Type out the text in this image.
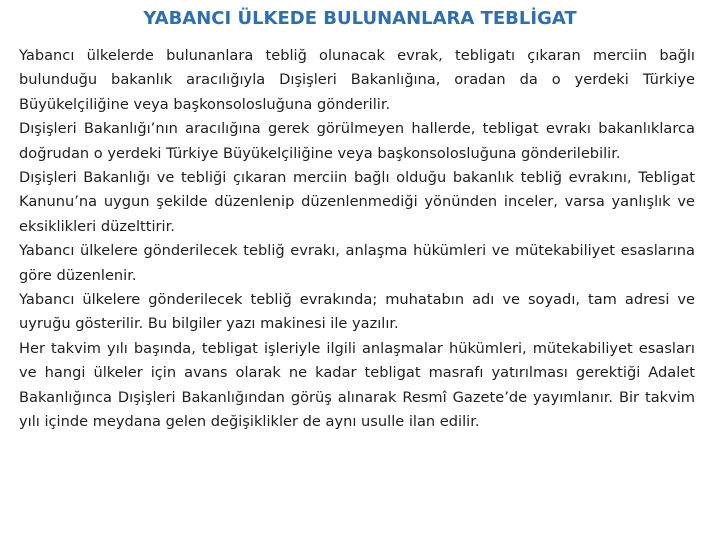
YABANCI ÜLKEDE BULUNANLARA TEBLİGAT

Yabancı ülkelerde bulunanlara tebliğ olunacak evrak, tebligatı çıkaran merciin bağlı bulunduğu bakanlık aracılığıyla Dışişleri Bakanlığına, oradan da o yerdeki Türkiye Büyükelçiliğine veya başkonsolosluğuna gönderilir.

Dışişleri Bakanlığı’nın aracılığına gerek görülmeyen hallerde, tebligat evrakı bakanlıklarca doğrudan o yerdeki Türkiye Büyükelçiliğine veya başkonsolosluğuna gönderilebilir.

Dışişleri Bakanlığı ve tebliği çıkaran merciin bağlı olduğu bakanlık tebliğ evrakını, Tebligat Kanunu’na uygun şekilde düzenlenip düzenlenmediği yönünden inceler, varsa yanlışlık ve eksiklikleri düzelttirir.

Yabancı ülkelere gönderilecek tebliğ evrakı, anlaşma hükümleri ve mütekabiliyet esaslarına göre düzenlenir.

Yabancı ülkelere gönderilecek tebliğ evrakında; muhatabın adı ve soyadı, tam adresi ve uyruğu gösterilir. Bu bilgiler yazı makinesi ile yazılır.

Her takvim yılı başında, tebligat işleriyle ilgili anlaşmalar hükümleri, mütekabiliyet esasları ve hangi ülkeler için avans olarak ne kadar tebligat masrafı yatırılması gerektiği Adalet Bakanlığınca Dışişleri Bakanlığından görüş alınarak Resmî Gazete’de yayımlanır. Bir takvim yılı içinde meydana gelen değişiklikler de aynı usulle ilan edilir.
